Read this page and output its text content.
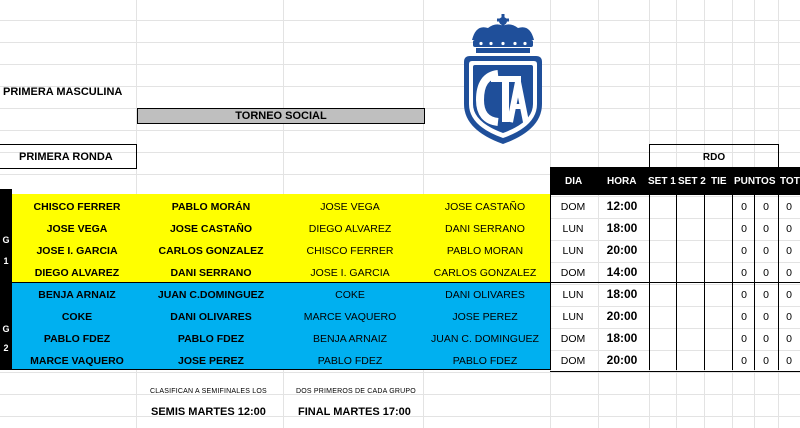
PRIMERA MASCULINA
TORNEO SOCIAL
PRIMERA RONDA	RDO
DIA HORA SET 1 SET 2 TIE PUNTOS TOT
G
1
G
2
CHISCO FERRER	PABLO MORÁN	JOSE VEGA	JOSE CASTAÑO	DOM	12:00	0	0	0
JOSE VEGA	JOSE CASTAÑO	DIEGO ALVAREZ	DANI SERRANO	LUN	18:00	0	0	0
JOSE I. GARCIA	CARLOS GONZALEZ	CHISCO FERRER	PABLO MORAN	LUN	20:00	0	0	0
DIEGO ALVAREZ	DANI SERRANO	JOSE I. GARCIA	CARLOS GONZALEZ	DOM	14:00	0	0	0
BENJA ARNAIZ	JUAN C.DOMINGUEZ	COKE	DANI OLIVARES	LUN	18:00	0	0	0
COKE	DANI OLIVARES	MARCE VAQUERO	JOSE PEREZ	LUN	20:00	0	0	0
PABLO FDEZ	PABLO FDEZ	BENJA ARNAIZ	JUAN C. DOMINGUEZ	DOM	18:00	0	0	0
MARCE VAQUERO	JOSE PEREZ	PABLO FDEZ	PABLO FDEZ	DOM	20:00	0	0	0
CLASIFICAN A SEMIFINALES LOS	DOS PRIMEROS DE CADA GRUPO
SEMIS MARTES 12:00	FINAL MARTES 17:00
